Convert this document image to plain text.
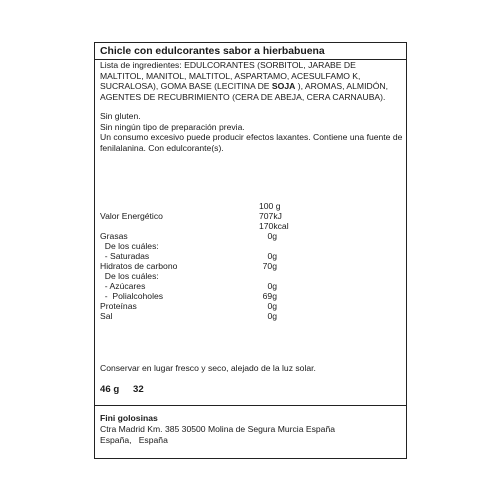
Chicle con edulcorantes sabor a hierbabuena
Lista de ingredientes: EDULCORANTES (SORBITOL, JARABE DE MALTITOL, MANITOL, MALTITOL, ASPARTAMO, ACESULFAMO K, SUCRALOSA), GOMA BASE (LECITINA DE SOJA ), AROMAS, ALMIDÓN, AGENTES DE RECUBRIMIENTO (CERA DE ABEJA, CERA CARNAUBA).
Sin gluten.
Sin ningún tipo de preparación previa.
Un consumo excesivo puede producir efectos laxantes. Contiene una fuente de
fenilalanina. Con edulcorante(s).
100 g
Valor Energético	707kJ
170kcal
Grasas	0g
De los cuáles:
- Saturadas	0g
Hidratos de carbono	70g
De los cuáles:
- Azúcares	0g
-  Polialcoholes	69g
Proteínas	0g
Sal	0g
Conservar en lugar fresco y seco, alejado de la luz solar.
46 g 32
Fini golosinas
Ctra Madrid Km. 385 30500 Molina de Segura Murcia España
España,   España
